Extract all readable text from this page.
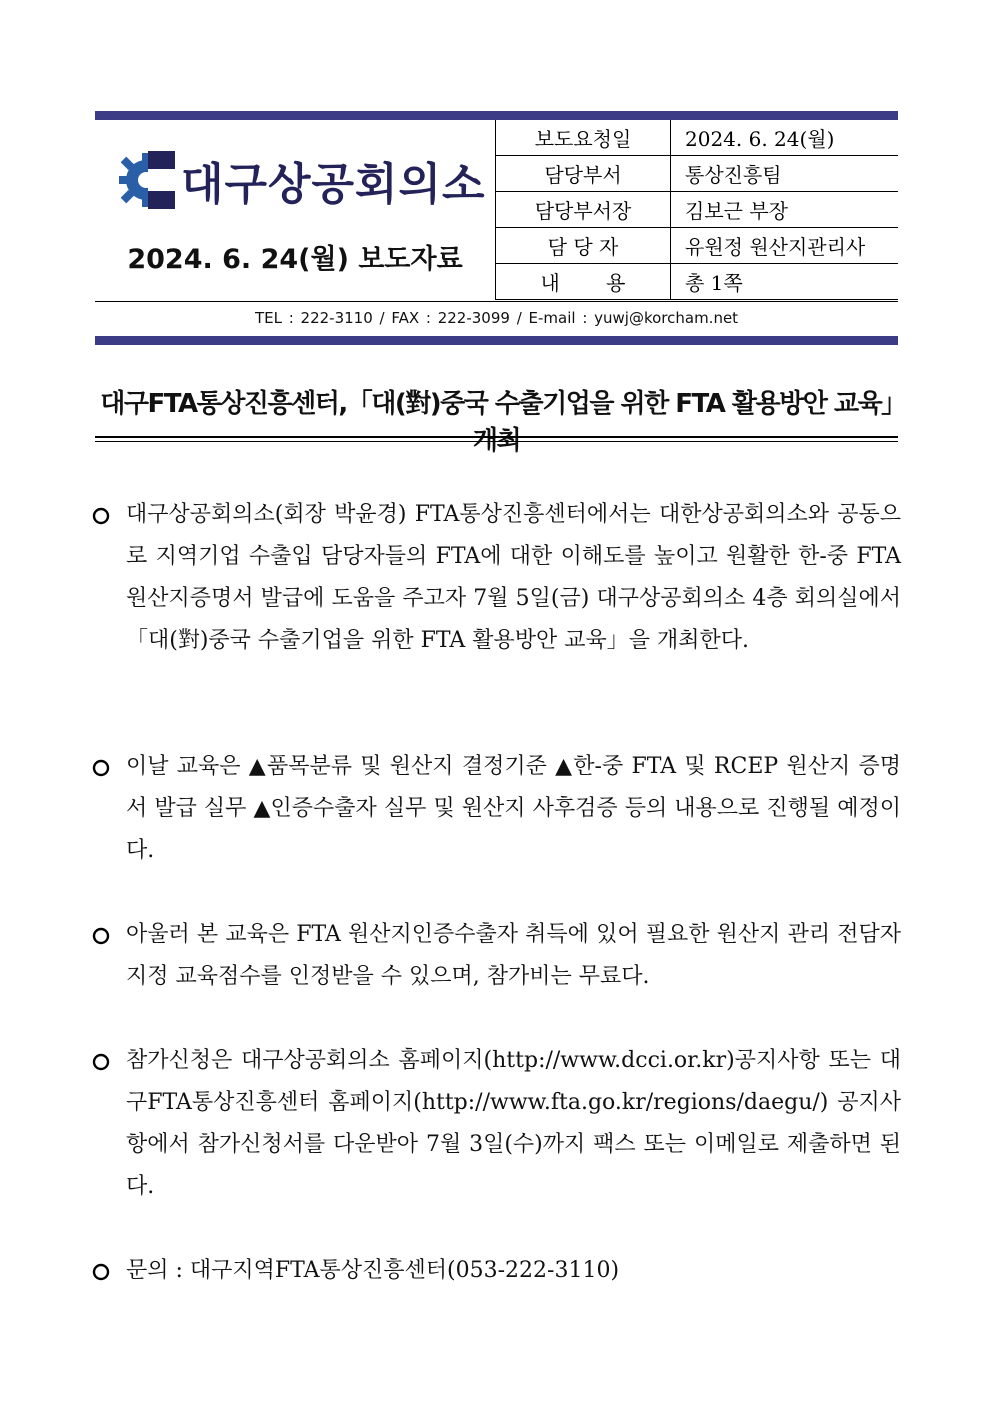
대구상공회의소
2024. 6. 24(월) 보도자료
보도요청일	2024. 6. 24(월)
담당부서	통상진흥팀
담당부서장	김보근 부장
담 당 자	유원정 원산지관리사
내 용	총 1쪽
TEL : 222-3110 / FAX : 222-3099 / E-mail : yuwj@korcham.net
대구FTA통상진흥센터,「대(對)중국 수출기업을 위한 FTA 활용방안 교육」
대구상공회의소(회장 박윤경) FTA통상진흥센터에서는 대한상공회의소와 공동으로 지역기업 수출입 담당자들의 FTA에 대한 이해도를 높이고 원활한 한-중 FTA 원산지증명서 발급에 도움을 주고자 7월 5일(금) 대구상공회의소 4층 회의실에서 「대(對)중국 수출기업을 위한 FTA 활용방안 교육」을 개최한다.
이날 교육은 ▲품목분류 및 원산지 결정기준 ▲한-중 FTA 및 RCEP 원산지 증명서 발급 실무 ▲인증수출자 실무 및 원산지 사후검증 등의 내용으로 진행될 예정이다.
아울러 본 교육은 FTA 원산지인증수출자 취득에 있어 필요한 원산지 관리 전담자 지정 교육점수를 인정받을 수 있으며, 참가비는 무료다.
참가신청은 대구상공회의소 홈페이지(http://www.dcci.or.kr)공지사항 또는 대구FTA통상진흥센터 홈페이지(http://www.fta.go.kr/regions/daegu/) 공지사항에서 참가신청서를 다운받아 7월 3일(수)까지 팩스 또는 이메일로 제출하면 된다.
문의 : 대구지역FTA통상진흥센터(053-222-3110)
